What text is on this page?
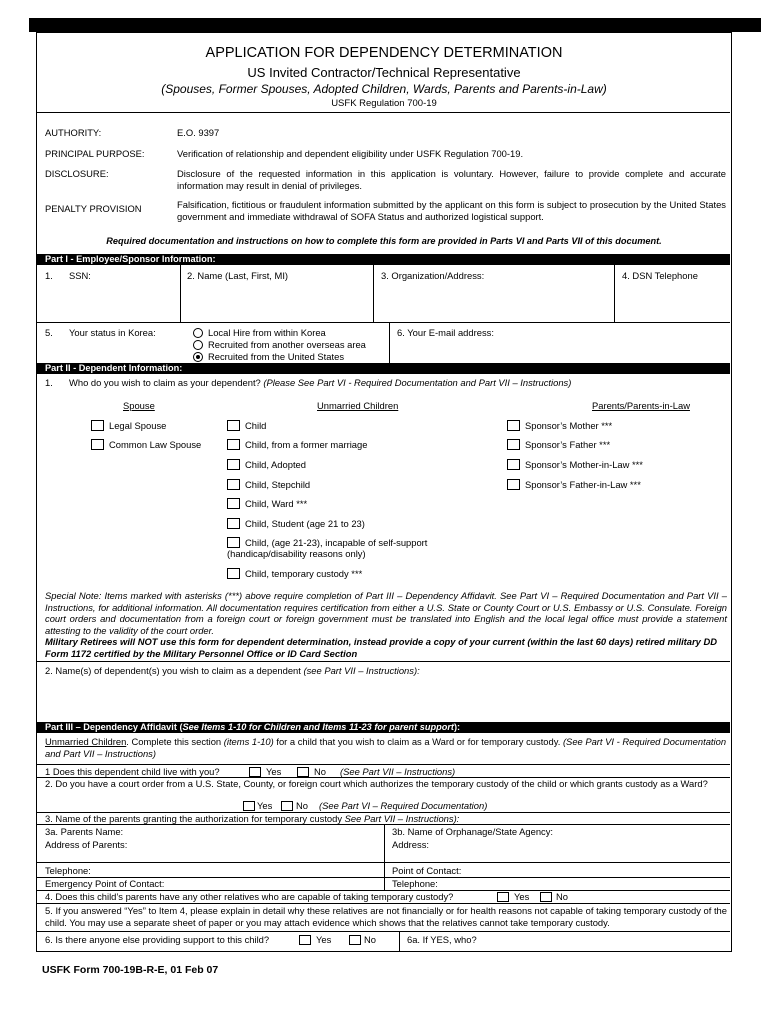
APPLICATION FOR DEPENDENCY DETERMINATION
US Invited Contractor/Technical Representative
(Spouses, Former Spouses, Adopted Children, Wards, Parents and Parents-in-Law)
USFK Regulation 700-19
AUTHORITY:	E.O. 9397
PRINCIPAL PURPOSE:	Verification of relationship and dependent eligibility under USFK Regulation 700-19.
DISCLOSURE:	Disclosure of the requested information in this application is voluntary. However, failure to provide complete and accurate information may result in denial of privileges.
PENALTY PROVISION	Falsification, fictitious or fraudulent information submitted by the applicant on this form is subject to prosecution by the United States government and immediate withdrawal of SOFA Status and authorized logistical support.
Required documentation and instructions on how to complete this form are provided in Parts VI and Parts VII of this document.
Part I - Employee/Sponsor Information:
1. SSN:	2. Name (Last, First, MI)	3. Organization/Address:	4. DSN Telephone
5. Your status in Korea:	Local Hire from within Korea
Recruited from another overseas area
Recruited from the United States
6. Your E-mail address:
Part II - Dependent Information:
1. Who do you wish to claim as your dependent? (Please See Part VI - Required Documentation and Part VII – Instructions)
Spouse	Unmarried Children	Parents/Parents-in-Law
Legal Spouse
Common Law Spouse
Child
Child, from a former marriage
Child, Adopted
Child, Stepchild
Child, Ward ***
Child, Student (age 21 to 23)
Child, (age 21-23), incapable of self-support
(handicap/disability reasons only)
Child, temporary custody ***
Sponsor’s Mother ***
Sponsor’s Father ***
Sponsor’s Mother-in-Law ***
Sponsor’s Father-in-Law ***
Special Note: Items marked with asterisks (***) above require completion of Part III – Dependency Affidavit. See Part VI – Required Documentation and Part VII – Instructions, for additional information. All documentation requires certification from either a U.S. State or County Court or U.S. Embassy or U.S. Consulate. Foreign court orders and documentation from a foreign court or foreign government must be translated into English and the local legal office must provide a statement attesting to the validity of the court order.
Military Retirees will NOT use this form for dependent determination, instead provide a copy of your current (within the last 60 days) retired military DD Form 1172 certified by the Military Personnel Office or ID Card Section
2. Name(s) of dependent(s) you wish to claim as a dependent (see Part VII – Instructions):
Part III – Dependency Affidavit (See Items 1-10 for Children and Items 11-23 for parent support):
Unmarried Children. Complete this section (items 1-10) for a child that you wish to claim as a Ward or for temporary custody. (See Part VI - Required Documentation and Part VII – Instructions)
1 Does this dependent child live with you?	Yes	No (See Part VII – Instructions)
2. Do you have a court order from a U.S. State, County, or foreign court which authorizes the temporary custody of the child or which grants custody as a Ward?
Yes	No (See Part VI – Required Documentation)
3. Name of the parents granting the authorization for temporary custody See Part VII – Instructions):
3a. Parents Name:	3b. Name of Orphanage/State Agency:
Address of Parents:	Address:
Telephone:	Point of Contact:
Emergency Point of Contact:	Telephone:
4. Does this child’s parents have any other relatives who are capable of taking temporary custody?	Yes	No
5. If you answered “Yes” to Item 4, please explain in detail why these relatives are not financially or for health reasons not capable of taking temporary custody of the child. You may use a separate sheet of paper or you may attach evidence which shows that the relatives cannot take temporary custody.
6. Is there anyone else providing support to this child?	Yes	No	6a. If YES, who?
USFK Form 700-19B-R-E, 01 Feb 07
